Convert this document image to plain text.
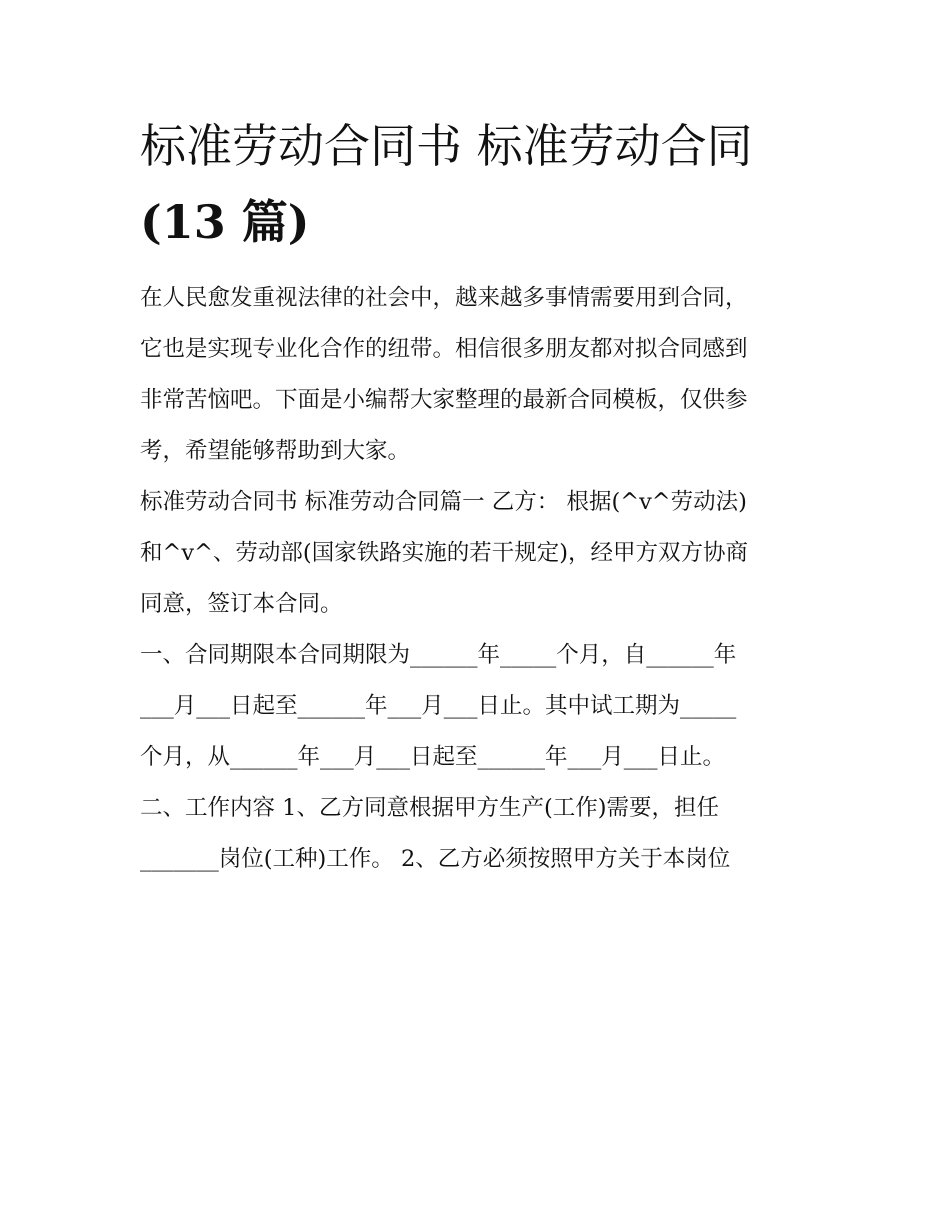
标准劳动合同书 标准劳动合同
(13 篇)
在人民愈发重视法律的社会中，越来越多事情需要用到合同，
它也是实现专业化合作的纽带。相信很多朋友都对拟合同感到
非常苦恼吧。下面是小编帮大家整理的最新合同模板，仅供参
考，希望能够帮助到大家。
标准劳动合同书 标准劳动合同篇一 乙方： 根据(^v^劳动法)
和^v^、劳动部(国家铁路实施的若干规定)，经甲方双方协商
同意，签订本合同。
一、合同期限本合同期限为______年_____个月，自______年
___月___日起至______年___月___日止。其中试工期为_____
个月，从______年___月___日起至______年___月___日止。
二、工作内容 1、乙方同意根据甲方生产(工作)需要，担任
_______岗位(工种)工作。 2、乙方必须按照甲方关于本岗位
